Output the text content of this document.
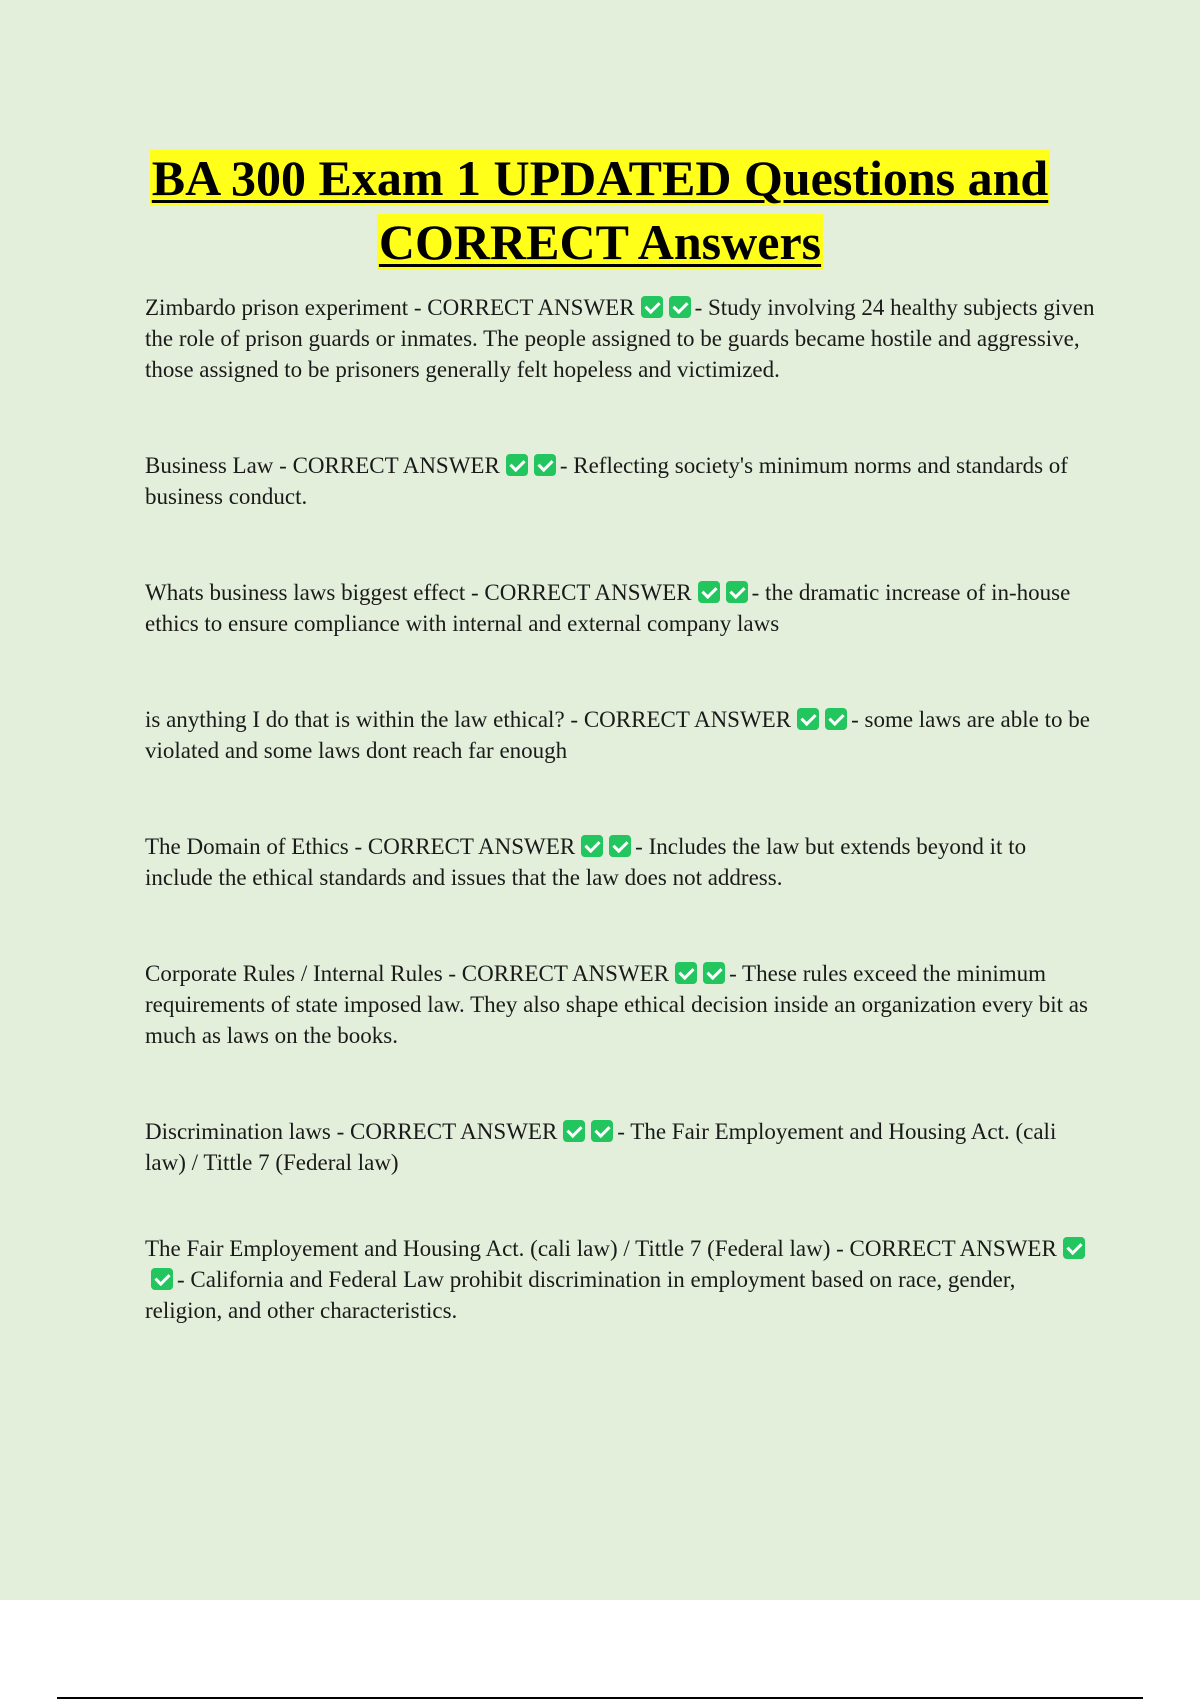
BA 300 Exam 1 UPDATED Questions and
CORRECT Answers

Zimbardo prison experiment - CORRECT ANSWER	- Study involving 24 healthy subjects given the role of prison guards or inmates. The people assigned to be guards became hostile and aggressive, those assigned to be prisoners generally felt hopeless and victimized.

Business Law - CORRECT ANSWER	- Reflecting society's minimum norms and standards of business conduct.

Whats business laws biggest effect - CORRECT ANSWER	- the dramatic increase of in-house ethics to ensure compliance with internal and external company laws

is anything I do that is within the law ethical? - CORRECT ANSWER	- some laws are able to be violated and some laws dont reach far enough

The Domain of Ethics - CORRECT ANSWER	- Includes the law but extends beyond it to include the ethical standards and issues that the law does not address.

Corporate Rules / Internal Rules - CORRECT ANSWER	- These rules exceed the minimum requirements of state imposed law. They also shape ethical decision inside an organization every bit as much as laws on the books.

Discrimination laws - CORRECT ANSWER	- The Fair Employement and Housing Act. (cali law) / Tittle 7 (Federal law)

The Fair Employement and Housing Act. (cali law) / Tittle 7 (Federal law) - CORRECT ANSWER- California and Federal Law prohibit discrimination in employment based on race, gender, religion, and other characteristics.
